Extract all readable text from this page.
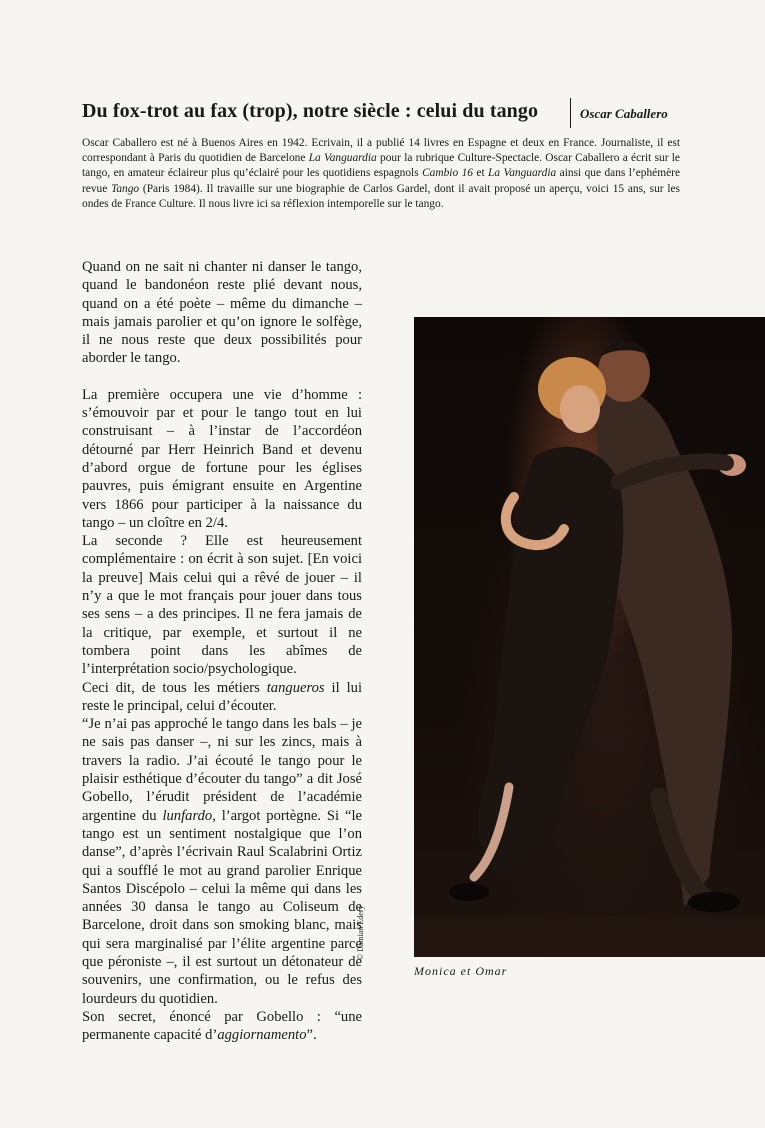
Du fox-trot au fax (trop), notre siècle : celui du tango	Oscar Caballero

Oscar Caballero est né à Buenos Aires en 1942. Ecrivain, il a publié 14 livres en Espagne et deux en France. Journaliste, il est correspondant à Paris du quotidien de Barcelone La Vanguardia pour la rubrique Culture-Spectacle. Oscar Caballero a écrit sur le tango, en amateur éclaireur plus qu’éclairé pour les quotidiens espagnols Cambio 16 et La Vanguardia ainsi que dans l’ephémère revue Tango (Paris 1984). Il travaille sur une biographie de Carlos Gardel, dont il avait proposé un aperçu, voici 15 ans, sur les ondes de France Culture. Il nous livre ici sa réflexion intemporelle sur le tango.

Quand on ne sait ni chanter ni danser le tango, quand le bandonéon reste plié devant nous, quand on a été poète – même du dimanche – mais jamais parolier et qu’on ignore le solfège, il ne nous reste que deux possibilités pour aborder le tango.

La première occupera une vie d’homme : s’émouvoir par et pour le tango tout en lui construisant – à l’instar de l’accordéon détourné par Herr Heinrich Band et devenu d’abord orgue de fortune pour les églises pauvres, puis émigrant ensuite en Argentine vers 1866 pour participer à la naissance du tango – un cloître en 2/4.

La seconde ? Elle est heureusement complémentaire : on écrit à son sujet. [En voici la preuve] Mais celui qui a rêvé de jouer – il n’y a que le mot français pour jouer dans tous ses sens – a des principes. Il ne fera jamais de la critique, par exemple, et surtout il ne tombera point dans les abîmes de l’interprétation socio/psychologique.

Ceci dit, de tous les métiers tangueros il lui reste le principal, celui d’écouter.

“Je n’ai pas approché le tango dans les bals – je ne sais pas danser –, ni sur les zincs, mais à travers la radio. J’ai écouté le tango pour le plaisir esthétique d’écouter du tango” a dit José Gobello, l’érudit président de l’académie argentine du lunfardo, l’argot portègne. Si “le tango est un sentiment nostalgique que l’on danse”, d’après l’écrivain Raul Scalabrini Ortiz qui a soufflé le mot au grand parolier Enrique Santos Discépolo – celui la même qui dans les années 30 dansa le tango au Coliseum de Barcelone, droit dans son smoking blanc, mais qui sera marginalisé par l’élite argentine parce que péroniste –, il est surtout un détonateur de souvenirs, une confirmation, ou le refus des lourdeurs du quotidien.

Son secret, énoncé par Gobello : “une permanente capacité d’aggiornamento”.

© Damian Edery
Monica et Omar
